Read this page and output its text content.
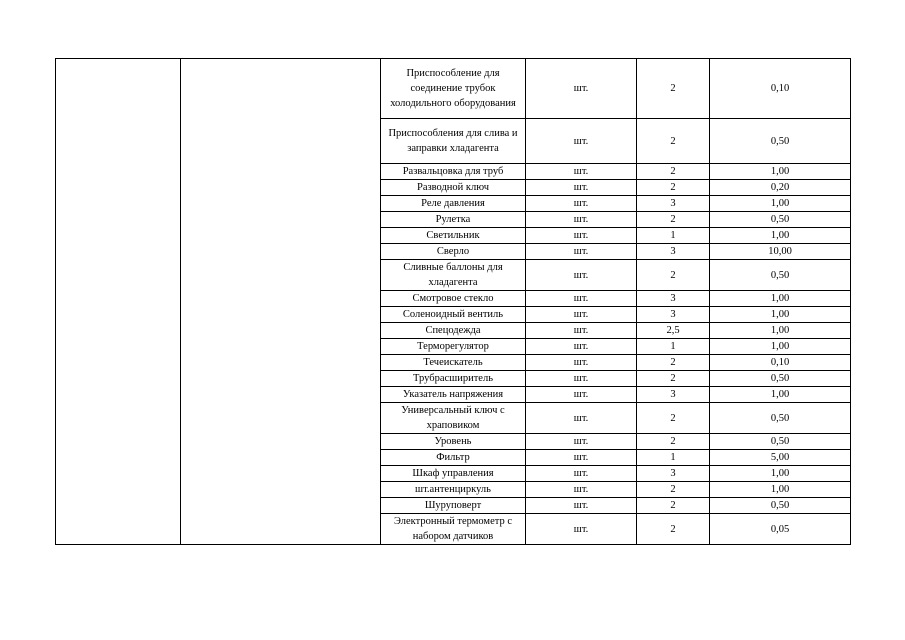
		Приспособление для соединение трубок холодильного оборудования	шт.	2	0,10
		Приспособления для слива и заправки хладагента	шт.	2	0,50
		Развальцовка для труб	шт.	2	1,00
		Разводной ключ	шт.	2	0,20
		Реле давления	шт.	3	1,00
		Рулетка	шт.	2	0,50
		Светильник	шт.	1	1,00
		Сверло	шт.	3	10,00
		Сливные баллоны для хладагента	шт.	2	0,50
		Смотровое стекло	шт.	3	1,00
		Соленоидный вентиль	шт.	3	1,00
		Спецодежда	шт.	2,5	1,00
		Терморегулятор	шт.	1	1,00
		Течеискатель	шт.	2	0,10
		Трубрасширитель	шт.	2	0,50
		Указатель напряжения	шт.	3	1,00
		Универсальный ключ с храповиком	шт.	2	0,50
		Уровень	шт.	2	0,50
		Фильтр	шт.	1	5,00
		Шкаф управления	шт.	3	1,00
		шт.антенциркуль	шт.	2	1,00
		Шуруповерт	шт.	2	0,50
		Электронный термометр с набором датчиков	шт.	2	0,05
